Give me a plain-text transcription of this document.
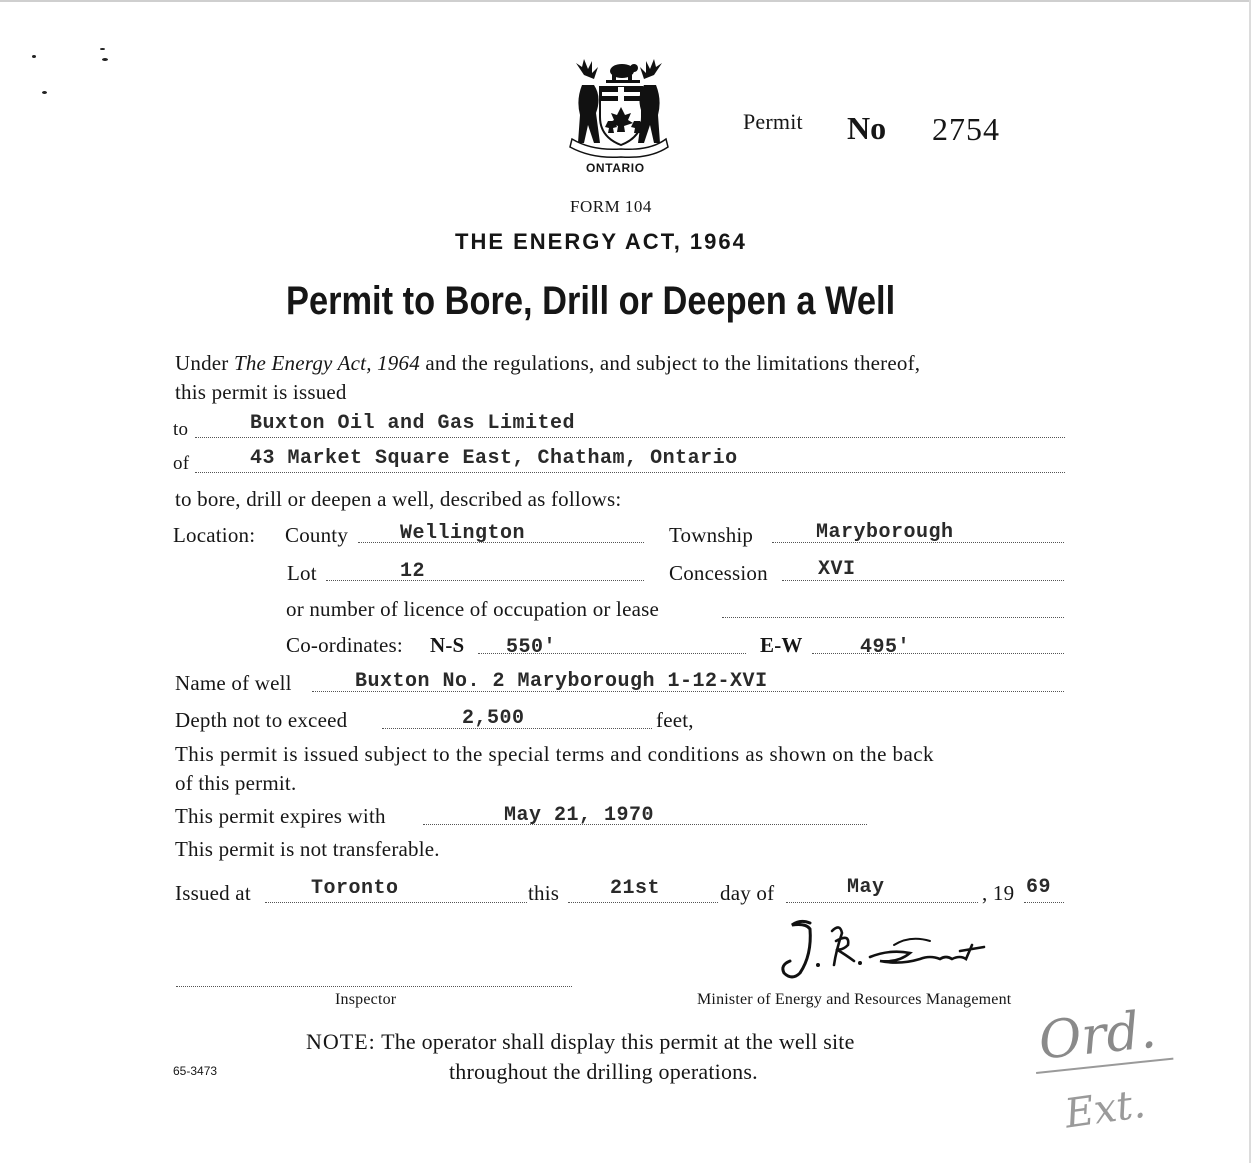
ONTARIO
Permit No 2754
FORM 104
THE ENERGY ACT, 1964
Permit to Bore, Drill or Deepen a Well
Under The Energy Act, 1964 and the regulations, and subject to the limitations thereof,
this permit is issued
to	Buxton Oil and Gas Limited
of	43 Market Square East, Chatham, Ontario
to bore, drill or deepen a well, described as follows:
Location: County	Wellington	Township	Maryborough
Lot	12	Concession	XVI
or number of licence of occupation or lease
Co-ordinates: N-S 550'	E-W	495'
Name of well	Buxton No. 2 Maryborough 1-12-XVI
Depth not to exceed	2,500	feet,
This permit is issued subject to the special terms and conditions as shown on the back
of this permit.
This permit expires with	May 21, 1970
This permit is not transferable.
Issued at	Toronto	this	21st	day of	May	, 19 69
Inspector	Minister of Energy and Resources Management
NOTE: The operator shall display this permit at the well site
throughout the drilling operations.
65-3473	Ord.
Ext.
